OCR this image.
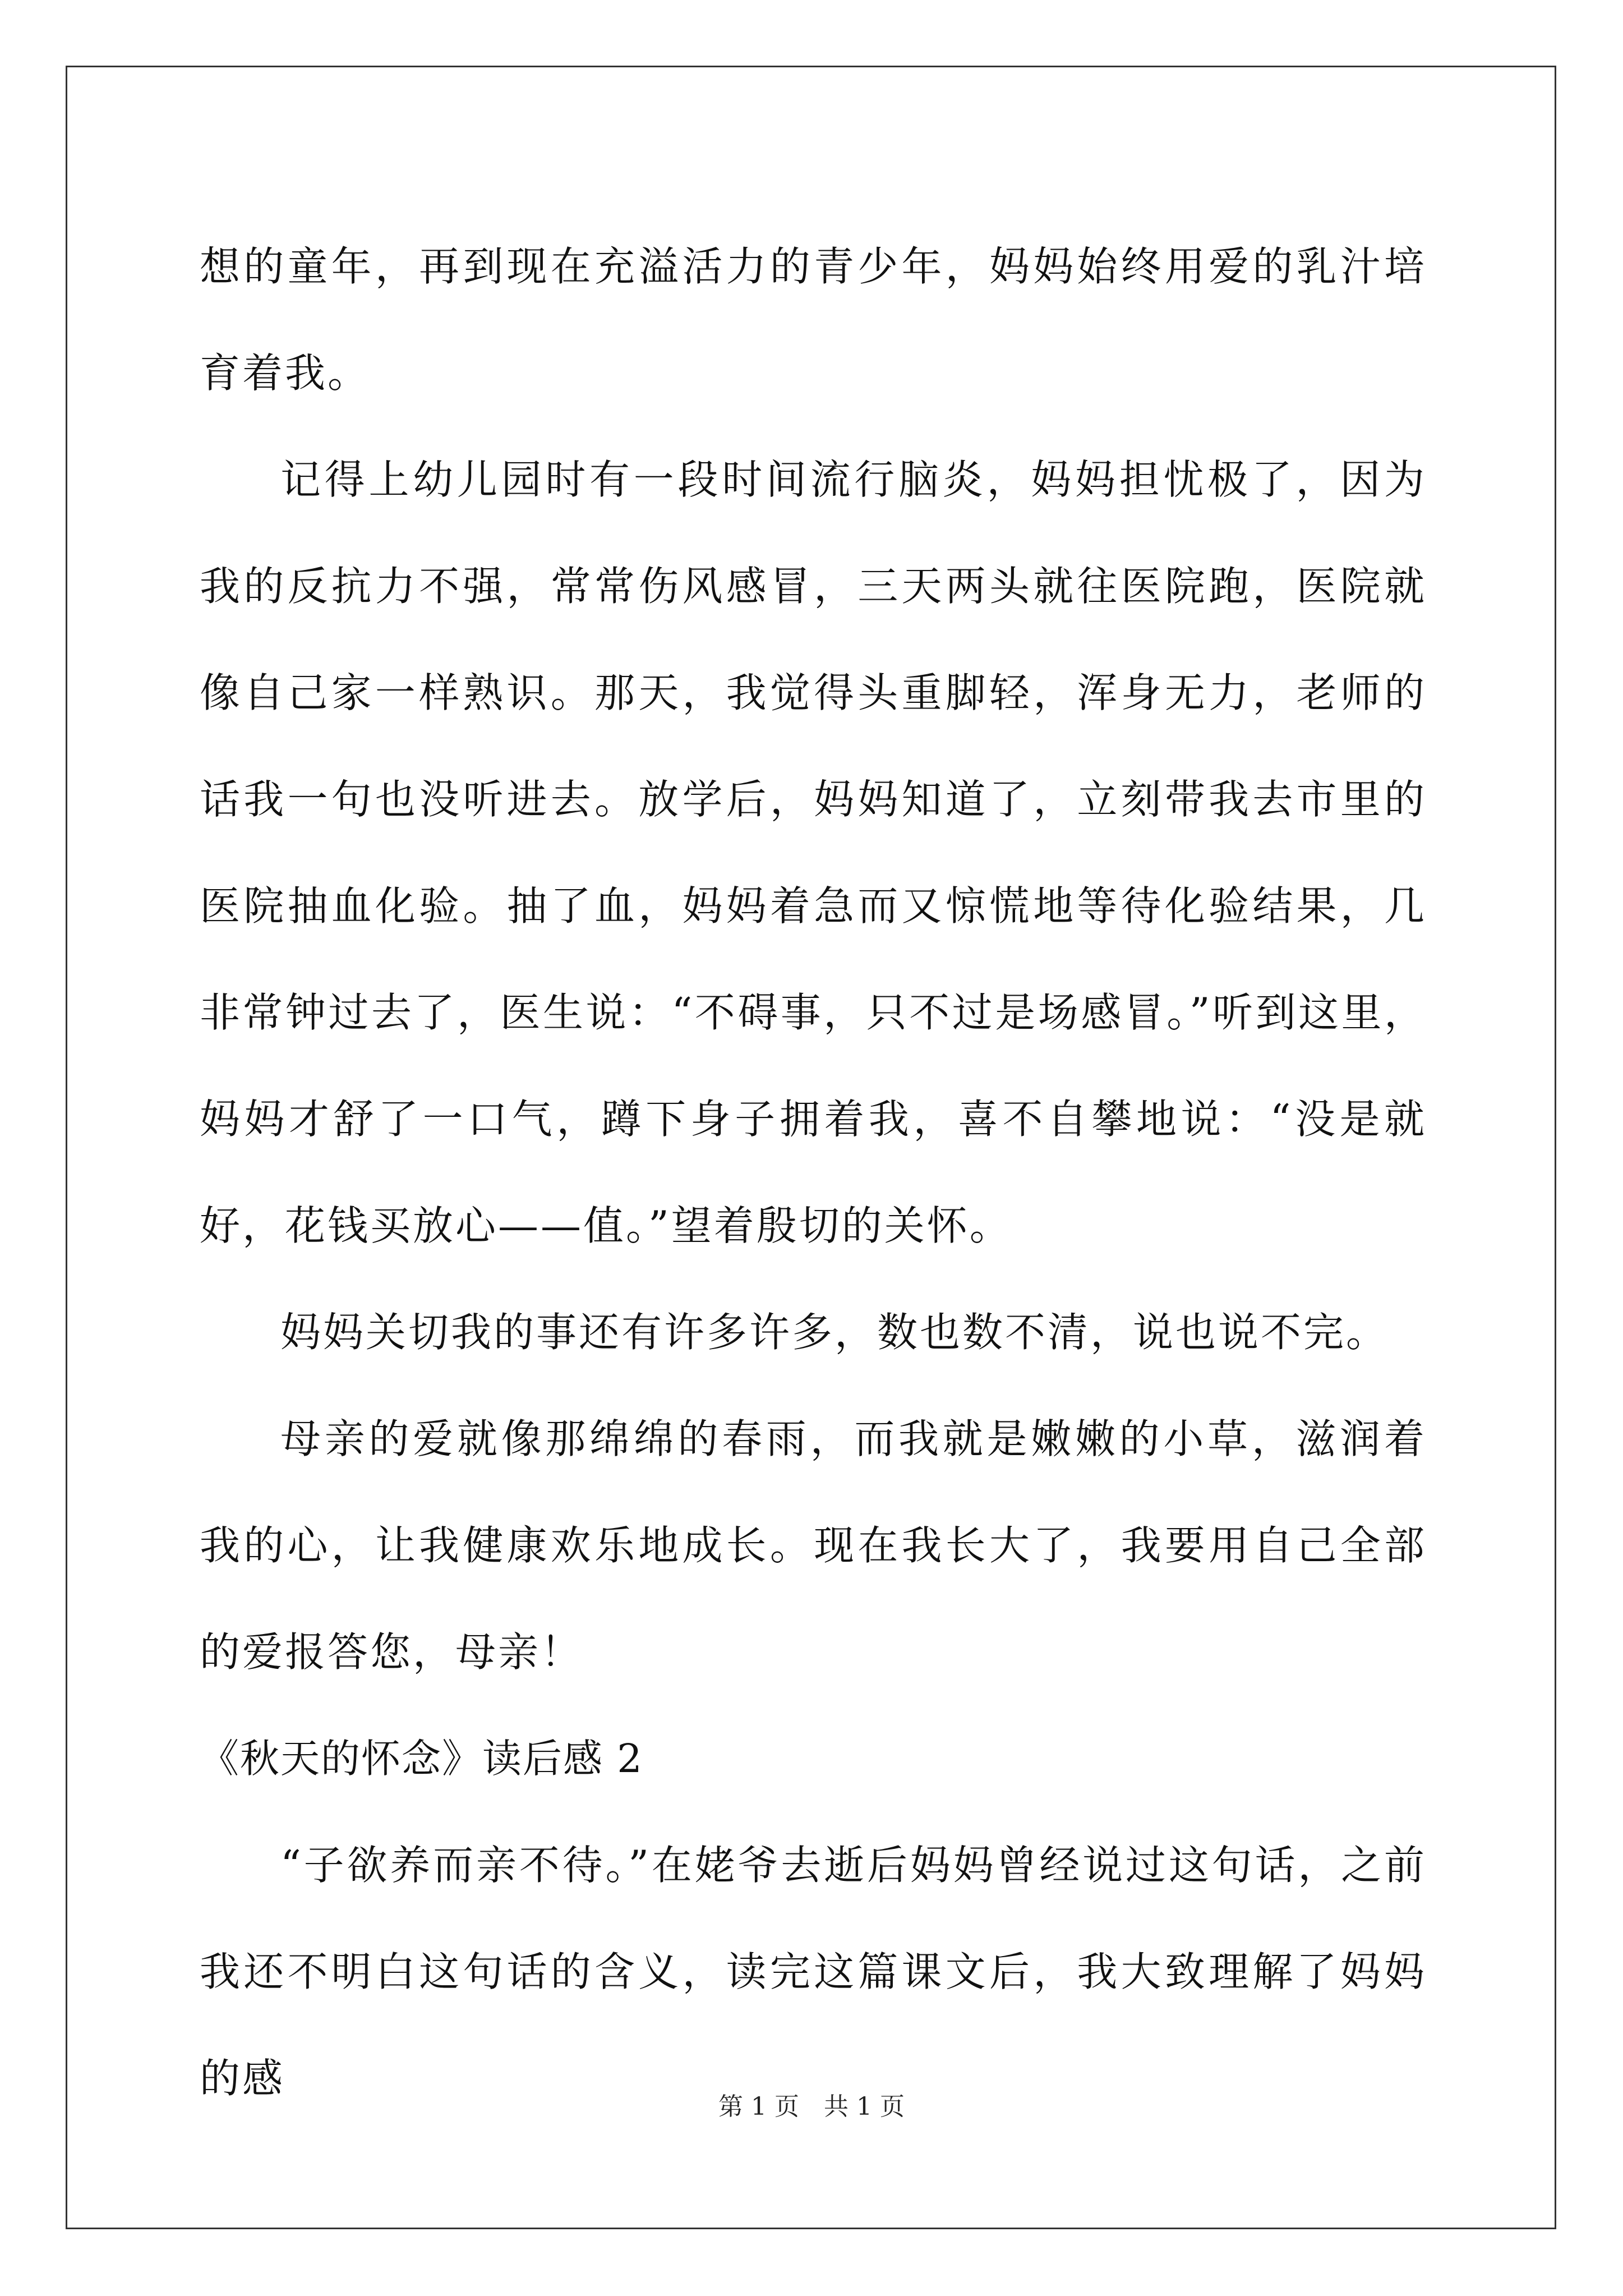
想的童年，再到现在充溢活力的青少年，妈妈始终用爱的乳汁培育着我。

记得上幼儿园时有一段时间流行脑炎，妈妈担忧极了，因为我的反抗力不强，常常伤风感冒，三天两头就往医院跑，医院就像自己家一样熟识。那天，我觉得头重脚轻，浑身无力，老师的话我一句也没听进去。放学后，妈妈知道了，立刻带我去市里的医院抽血化验。抽了血，妈妈着急而又惊慌地等待化验结果，几非常钟过去了，医生说：“不碍事，只不过是场感冒。”听到这里，妈妈才舒了一口气，蹲下身子拥着我，喜不自攀地说：“没是就好，花钱买放心——值。”望着殷切的关怀。

妈妈关切我的事还有许多许多，数也数不清，说也说不完。

母亲的爱就像那绵绵的春雨，而我就是嫩嫩的小草，滋润着我的心，让我健康欢乐地成长。现在我长大了，我要用自己全部的爱报答您，母亲！

《秋天的怀念》读后感 2

“子欲养而亲不待。”在姥爷去逝后妈妈曾经说过这句话，之前我还不明白这句话的含义，读完这篇课文后，我大致理解了妈妈的感

第 1 页　共 1 页
